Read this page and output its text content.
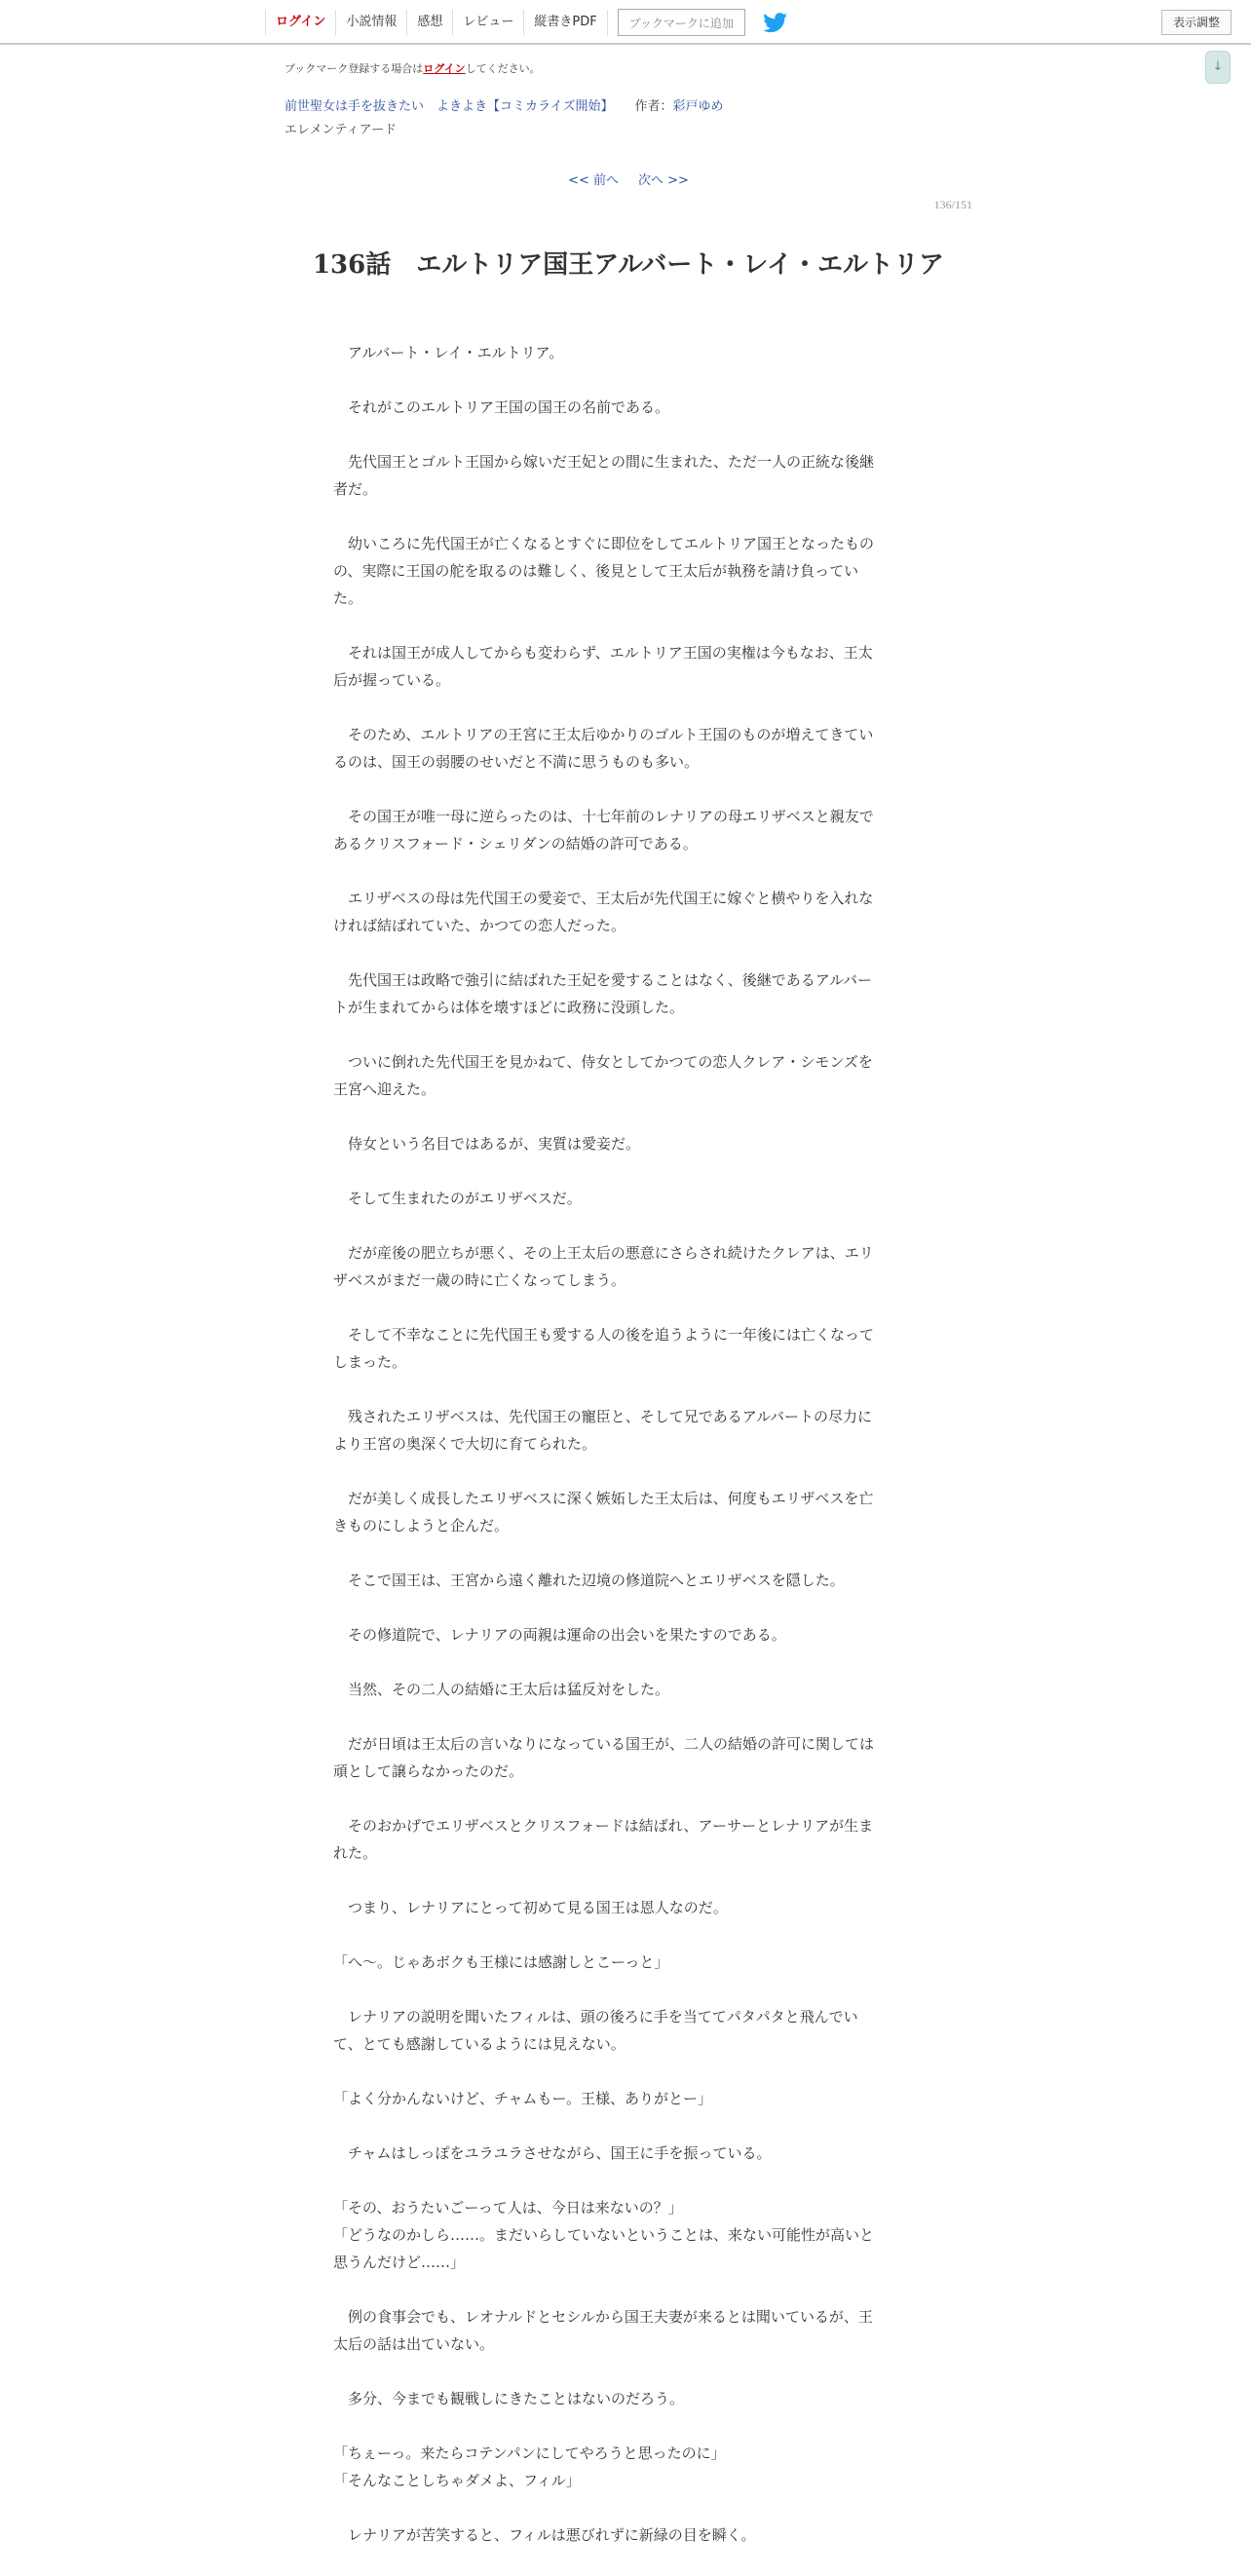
ログイン	小説情報	感想	レビュー	縦書きPDF	ブックマークに追加	表示調整
↓
ブックマーク登録する場合はログインしてください。
前世聖女は手を抜きたい　よきよき【コミカライズ開始】 作者：彩戸ゆめ
エレメンティアード
<< 前へ 次へ >>
136/151
136話　エルトリア国王アルバート・レイ・エルトリア

　アルバート・レイ・エルトリア。

　それがこのエルトリア王国の国王の名前である。

　先代国王とゴルト王国から嫁いだ王妃との間に生まれた、ただ一人の正統な後継
者だ。

　幼いころに先代国王が亡くなるとすぐに即位をしてエルトリア国王となったもの
の、実際に王国の舵を取るのは難しく、後見として王太后が執務を請け負ってい
た。

　それは国王が成人してからも変わらず、エルトリア王国の実権は今もなお、王太
后が握っている。

　そのため、エルトリアの王宮に王太后ゆかりのゴルト王国のものが増えてきてい
るのは、国王の弱腰のせいだと不満に思うものも多い。

　その国王が唯一母に逆らったのは、十七年前のレナリアの母エリザベスと親友で
あるクリスフォード・シェリダンの結婚の許可である。

　エリザベスの母は先代国王の愛妾で、王太后が先代国王に嫁ぐと横やりを入れな
ければ結ばれていた、かつての恋人だった。

　先代国王は政略で強引に結ばれた王妃を愛することはなく、後継であるアルバー
トが生まれてからは体を壊すほどに政務に没頭した。

　ついに倒れた先代国王を見かねて、侍女としてかつての恋人クレア・シモンズを
王宮へ迎えた。

　侍女という名目ではあるが、実質は愛妾だ。

　そして生まれたのがエリザベスだ。

　だが産後の肥立ちが悪く、その上王太后の悪意にさらされ続けたクレアは、エリ
ザベスがまだ一歳の時に亡くなってしまう。

　そして不幸なことに先代国王も愛する人の後を追うように一年後には亡くなって
しまった。

　残されたエリザベスは、先代国王の寵臣と、そして兄であるアルバートの尽力に
より王宮の奥深くで大切に育てられた。

　だが美しく成長したエリザベスに深く嫉妬した王太后は、何度もエリザベスを亡
きものにしようと企んだ。

　そこで国王は、王宮から遠く離れた辺境の修道院へとエリザベスを隠した。

　その修道院で、レナリアの両親は運命の出会いを果たすのである。

　当然、その二人の結婚に王太后は猛反対をした。

　だが日頃は王太后の言いなりになっている国王が、二人の結婚の許可に関しては
頑として譲らなかったのだ。

　そのおかげでエリザベスとクリスフォードは結ばれ、アーサーとレナリアが生ま
れた。

　つまり、レナリアにとって初めて見る国王は恩人なのだ。

「へ～。じゃあボクも王様には感謝しとこーっと」

　レナリアの説明を聞いたフィルは、頭の後ろに手を当ててパタパタと飛んでい
て、とても感謝しているようには見えない。

「よく分かんないけど、チャムもー。王様、ありがとー」

　チャムはしっぽをユラユラさせながら、国王に手を振っている。

「その、おうたいごーって人は、今日は来ないの？」
「どうなのかしら……。まだいらしていないということは、来ない可能性が高いと
思うんだけど……」

　例の食事会でも、レオナルドとセシルから国王夫妻が来るとは聞いているが、王
太后の話は出ていない。

　多分、今までも観戦しにきたことはないのだろう。

「ちぇーっ。来たらコテンパンにしてやろうと思ったのに」
「そんなことしちゃダメよ、フィル」

　レナリアが苦笑すると、フィルは悪びれずに新緑の目を瞬く。
